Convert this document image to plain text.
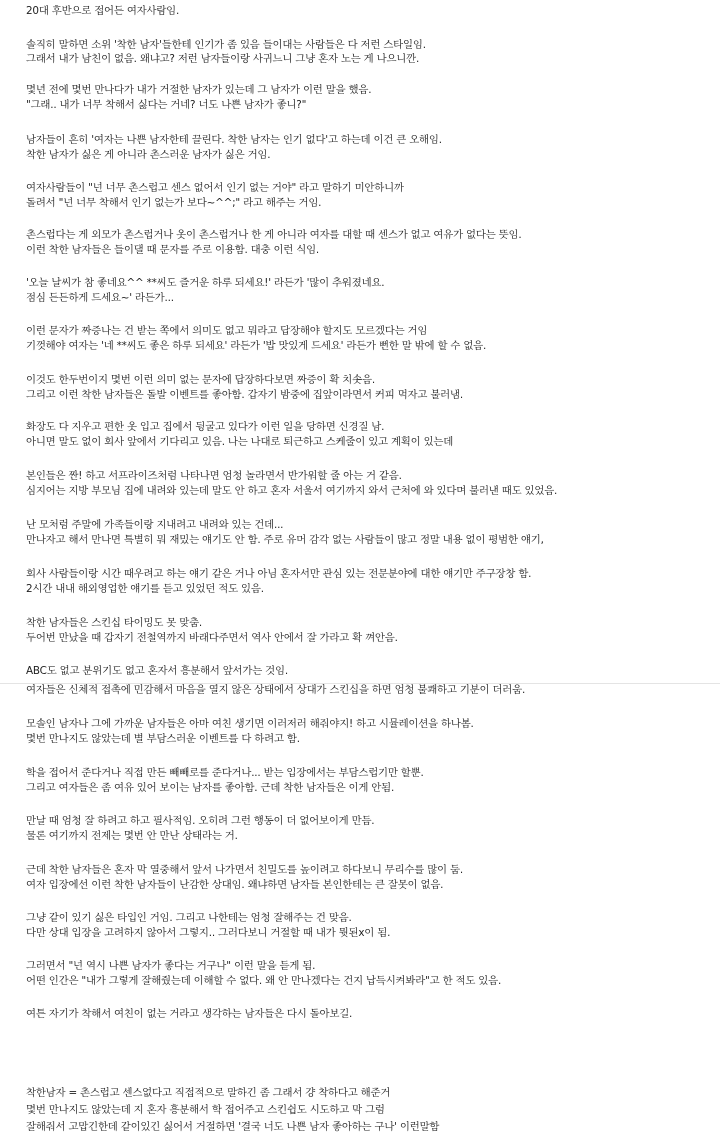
20대 후반으로 접어든 여자사람임.
솔직히 말하면 소위 '착한 남자'들한테 인기가 좀 있음 들이대는 사람들은 다 저런 스타일임.
그래서 내가 남친이 없음. 왜냐고? 저런 남자들이랑 사귀느니 그냥 혼자 노는 게 나으니깐.
몇년 전에 몇번 만나다가 내가 거절한 남자가 있는데 그 남자가 이런 말을 했음.
"그래.. 내가 너무 착해서 싫다는 거네? 너도 나쁜 남자가 좋니?"
남자들이 흔히 '여자는 나쁜 남자한테 끌린다. 착한 남자는 인기 없다'고 하는데 이건 큰 오해임.
착한 남자가 싫은 게 아니라 촌스러운 남자가 싫은 거임.
여자사람들이 "넌 너무 촌스럽고 센스 없어서 인기 없는 거야" 라고 말하기 미안하니까
돌려서 "넌 너무 착해서 인기 없는가 보다~^^;" 라고 해주는 거임.
촌스럽다는 게 외모가 촌스럽거나 옷이 촌스럽거나 한 게 아니라 여자를 대할 때 센스가 없고 여유가 없다는 뜻임.
이런 착한 남자들은 들이댈 때 문자를 주로 이용함. 대충 이런 식임.
'오늘 날씨가 참 좋네요^^ **씨도 즐거운 하루 되세요!' 라든가 '많이 추워졌네요.
점심 든든하게 드세요~' 라든가...
이런 문자가 짜증나는 건 받는 쪽에서 의미도 없고 뭐라고 답장해야 할지도 모르겠다는 거임
기껏해야 여자는 '네 **씨도 좋은 하루 되세요' 라든가 '밥 맛있게 드세요' 라든가 뻔한 말 밖에 할 수 없음.
이것도 한두번이지 몇번 이런 의미 없는 문자에 답장하다보면 짜증이 확 치솟음.
그리고 이런 착한 남자들은 돌발 이벤트를 좋아함. 갑자기 밤중에 집앞이라면서 커피 먹자고 불러냄.
화장도 다 지우고 편한 옷 입고 집에서 뒹굴고 있다가 이런 일을 당하면 신경질 남.
아니면 말도 없이 회사 앞에서 기다리고 있음. 나는 나대로 퇴근하고 스케줄이 있고 계획이 있는데
본인들은 짠! 하고 서프라이즈처럼 나타나면 엄청 놀라면서 반가워할 줄 아는 거 같음.
심지어는 지방 부모님 집에 내려와 있는데 말도 안 하고 혼자 서울서 여기까지 와서 근처에 와 있다며 불러낸 때도 있었음.
난 모처럼 주말에 가족들이랑 지내려고 내려와 있는 건데...
만나자고 해서 만나면 특별히 뭐 재밌는 얘기도 안 함. 주로 유머 감각 없는 사람들이 많고 정말 내용 없이 평범한 얘기,
회사 사람들이랑 시간 때우려고 하는 얘기 같은 거나 아님 혼자서만 관심 있는 전문분야에 대한 얘기만 주구장창 함.
2시간 내내 해외영업한 얘기를 듣고 있었던 적도 있음.
착한 남자들은 스킨십 타이밍도 못 맞춤.
두어번 만났을 때 갑자기 전철역까지 바래다주면서 역사 안에서 잘 가라고 확 껴안음.
ABC도 없고 분위기도 없고 혼자서 흥분해서 앞서가는 것임.
여자들은 신체적 접촉에 민감해서 마음을 열지 않은 상태에서 상대가 스킨십을 하면 엄청 불쾌하고 기분이 더러움.
모솔인 남자나 그에 가까운 남자들은 아마 여친 생기면 이러저러 해줘야지! 하고 시뮬레이션을 하나봄.
몇번 만나지도 않았는데 별 부담스러운 이벤트를 다 하려고 함.
학을 접어서 준다거나 직접 만든 빼빼로를 준다거나... 받는 입장에서는 부담스럽기만 할뿐.
그리고 여자들은 좀 여유 있어 보이는 남자를 좋아함. 근데 착한 남자들은 이게 안됨.
만날 때 엄청 잘 하려고 하고 필사적임. 오히려 그런 행동이 더 없어보이게 만듬.
물론 여기까지 전제는 몇번 안 만난 상태라는 거.
근데 착한 남자들은 혼자 막 열중해서 앞서 나가면서 친밀도를 높이려고 하다보니 무리수를 많이 둠.
여자 입장에선 이런 착한 남자들이 난감한 상대임. 왜냐하면 남자들 본인한테는 큰 잘못이 없음.
그냥 같이 있기 싫은 타입인 거임. 그리고 나한테는 엄청 잘해주는 건 맞음.
다만 상대 입장을 고려하지 않아서 그렇지.. 그러다보니 거절할 때 내가 뭣된x이 됨.
그러면서 "넌 역시 나쁜 남자가 좋다는 거구나" 이런 말을 듣게 됨.
어떤 인간은 "내가 그렇게 잘해줬는데 이해할 수 없다. 왜 안 만나겠다는 건지 납득시켜봐라"고 한 적도 있음.
여튼 자기가 착해서 여친이 없는 거라고 생각하는 남자들은 다시 돌아보길.
착한남자 = 촌스럽고 센스없다고 직접적으로 말하긴 좀 그래서 걍 착하다고 해준거
몇번 만나지도 않았는데 지 혼자 흥분해서 학 접어주고 스킨쉽도 시도하고 막 그럼
잘해줘서 고맙긴한데 같이있긴 싫어서 거절하면 '결국 너도 나쁜 남자 좋아하는 구나' 이런말함
